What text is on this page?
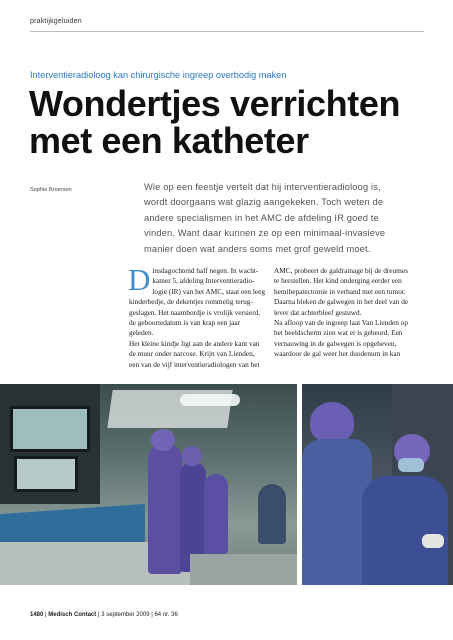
praktijkgeluiden
Interventieradioloog kan chirurgische ingreep overbodig maken
Wondertjes verrichten
met een katheter
Sophie Broersen	Wie op een feestje vertelt dat hij interventieradioloog is,
wordt doorgaans wat glazig aangekeken. Toch weten de
andere specialismen in het AMC de afdeling IR goed te
vinden. Want daar kunnen ze op een minimaal-invasieve
manier doen wat anders soms met grof geweld moet.
D insdagochtend half negen. In wacht-
kamer 5, afdeling Interventieradio-
logie (IR) van het AMC, staat een leeg
kinderbedje, de dekentjes rommelig terug-
geslagen. Het naambordje is vrolijk versierd,
de geboortedatum is van krap een jaar geleden.
Het kleine kindje ligt aan de andere kant van
de muur onder narcose. Krijn van Lienden,
een van de vijf interventieradiologen van het
AMC, probeert de galdrainage bij de dreumes
te herstellen. Het kind onderging eerder een
hemihepatectomie in verband met een tumor.
Daarna bleken de galwegen in het deel van de
lever dat achterbleef gestuwd.
Na afloop van de ingreep laat Van Lienden op
het beeldscherm zien wat er is gebeurd. Een
vernauwing in de galwegen is opgeheven,
waardoor de gal weer het duodenum in kan
1480 | Medisch Contact | 3 september 2009 | 64 nr. 36
